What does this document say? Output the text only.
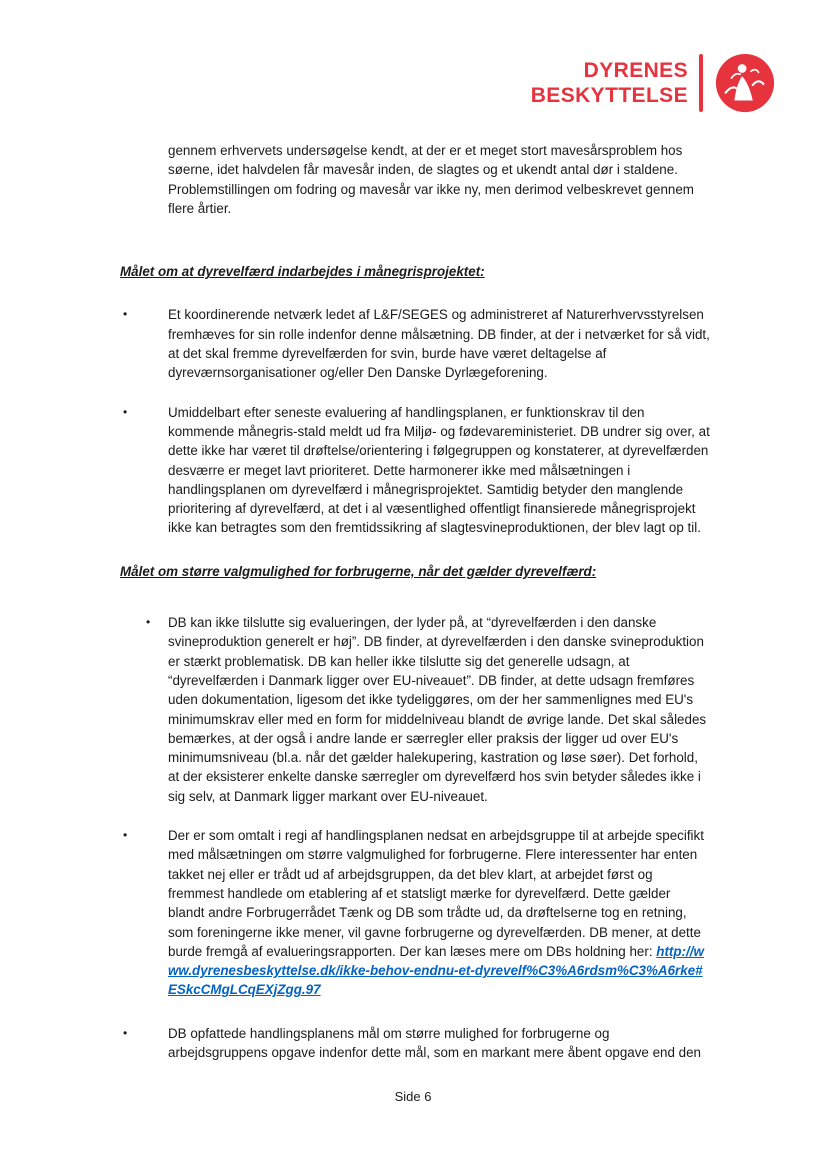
DYRENES
BESKYTTELSE

gennem erhvervets undersøgelse kendt, at der er et meget stort mavesårsproblem hos søerne, idet halvdelen får mavesår inden, de slagtes og et ukendt antal dør i staldene. Problemstillingen om fodring og mavesår var ikke ny, men derimod velbeskrevet gennem flere årtier.

Målet om at dyrevelfærd indarbejdes i månegrisprojektet:
•	Et koordinerende netværk ledet af L&F/SEGES og administreret af Naturerhvervsstyrelsen fremhæves for sin rolle indenfor denne målsætning. DB finder, at der i netværket for så vidt, at det skal fremme dyrevelfærden for svin, burde have været deltagelse af dyreværnsorganisationer og/eller Den Danske Dyrlægeforening.

•	Umiddelbart efter seneste evaluering af handlingsplanen, er funktionskrav til den kommende månegris-stald meldt ud fra Miljø- og fødevareministeriet. DB undrer sig over, at dette ikke har været til drøftelse/orientering i følgegruppen og konstaterer, at dyrevelfærden desværre er meget lavt prioriteret. Dette harmonerer ikke med målsætningen i handlingsplanen om dyrevelfærd i månegrisprojektet. Samtidig betyder den manglende prioritering af dyrevelfærd, at det i al væsentlighed offentligt finansierede månegrisprojekt ikke kan betragtes som den fremtidssikring af slagtesvineproduktionen, der blev lagt op til.

Målet om større valgmulighed for forbrugerne, når det gælder dyrevelfærd:
•	DB kan ikke tilslutte sig evalueringen, der lyder på, at “dyrevelfærden i den danske svineproduktion generelt er høj”. DB finder, at dyrevelfærden i den danske svineproduktion er stærkt problematisk. DB kan heller ikke tilslutte sig det generelle udsagn, at “dyrevelfærden i Danmark ligger over EU-niveauet”. DB finder, at dette udsagn fremføres uden dokumentation, ligesom det ikke tydeliggøres, om der her sammenlignes med EU's minimumskrav eller med en form for middelniveau blandt de øvrige lande. Det skal således bemærkes, at der også i andre lande er særregler eller praksis der ligger ud over EU's minimumsniveau (bl.a. når det gælder halekupering, kastration og løse søer). Det forhold, at der eksisterer enkelte danske særregler om dyrevelfærd hos svin betyder således ikke i sig selv, at Danmark ligger markant over EU-niveauet.

•	Der er som omtalt i regi af handlingsplanen nedsat en arbejdsgruppe til at arbejde specifikt med målsætningen om større valgmulighed for forbrugerne. Flere interessenter har enten takket nej eller er trådt ud af arbejdsgruppen, da det blev klart, at arbejdet først og fremmest handlede om etablering af et statsligt mærke for dyrevelfærd. Dette gælder blandt andre Forbrugerrådet Tænk og DB som trådte ud, da drøftelserne tog en retning, som foreningerne ikke mener, vil gavne forbrugerne og dyrevelfærden. DB mener, at dette burde fremgå af evalueringsrapporten. Der kan læses mere om DBs holdning her: http://www.dyrenesbeskyttelse.dk/ikke-behov-endnu-et-dyrevelf%C3%A6rdsm%C3%A6rke#ESkcCMgLCqEXjZgg.97

•	DB opfattede handlingsplanens mål om større mulighed for forbrugerne og arbejdsgruppens opgave indenfor dette mål, som en markant mere åbent opgave end den

Side 6
